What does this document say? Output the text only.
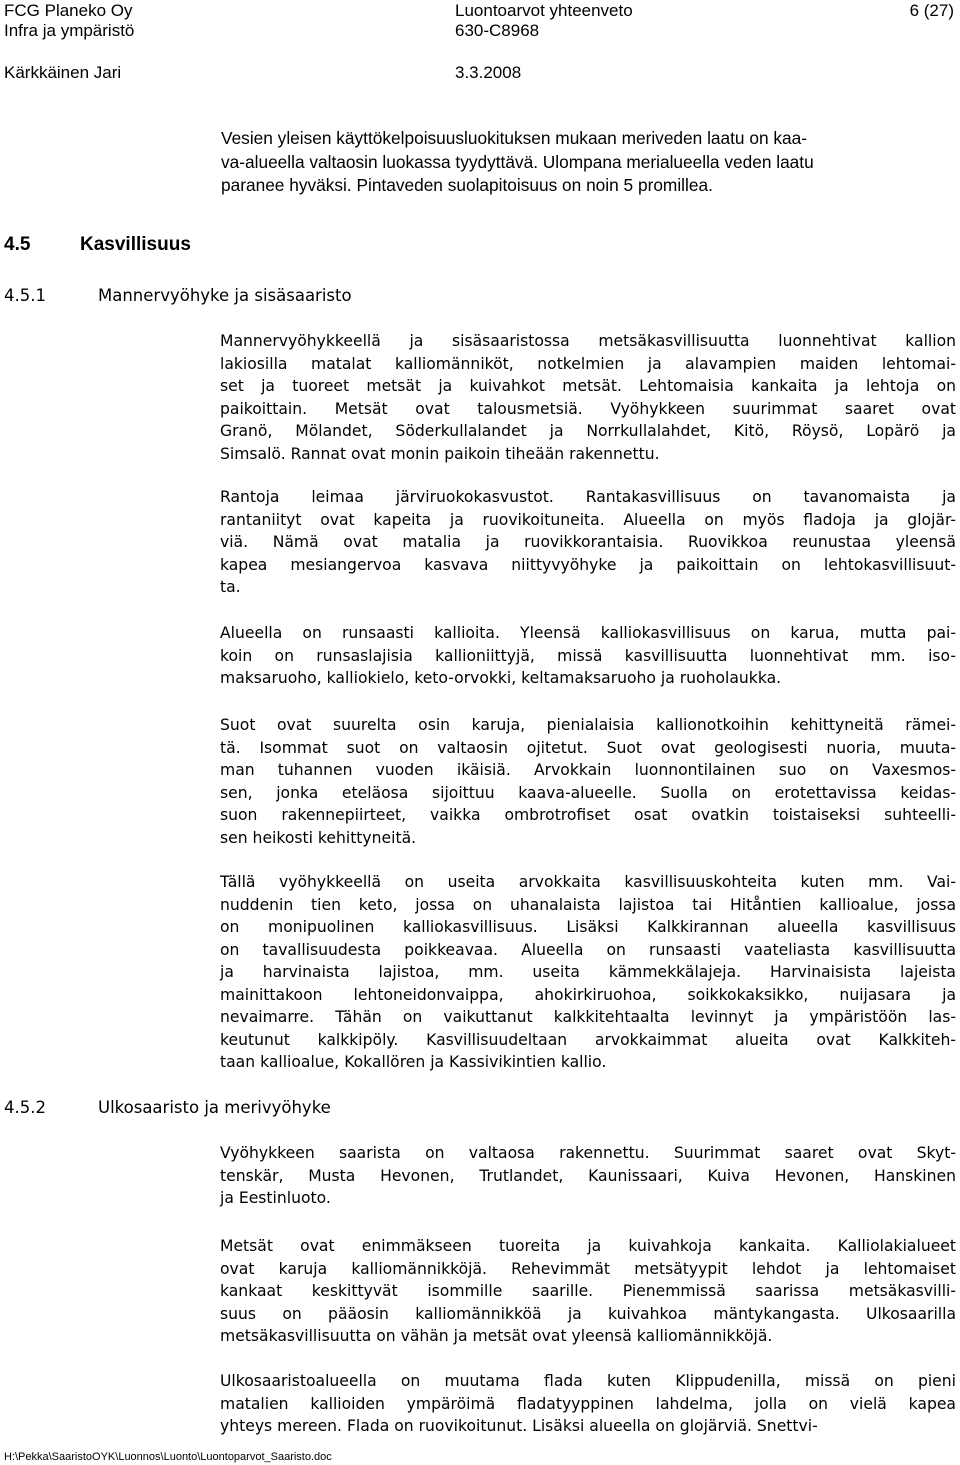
FCG Planeko Oy
Infra ja ympäristö
Luontoarvot yhteenveto
630-C8968
6 (27)
Kärkkäinen Jari	3.3.2008
Vesien yleisen käyttökelpoisuusluokituksen mukaan meriveden laatu on kaa-
va-alueella valtaosin luokassa tyydyttävä. Ulompana merialueella veden laatu
paranee hyväksi. Pintaveden suolapitoisuus on noin 5 promillea.
4.5	Kasvillisuus
4.5.1	Mannervyöhyke ja sisäsaaristo
4.5.2	Ulkosaaristo ja merivyöhyke
Mannervyöhykkeellä ja sisäsaaristossa metsäkasvillisuutta luonnehtivat kallion
lakiosilla matalat kalliomänniköt, notkelmien ja alavampien maiden lehtomai-
set ja tuoreet metsät ja kuivahkot metsät. Lehtomaisia kankaita ja lehtoja on
paikoittain. Metsät ovat talousmetsiä. Vyöhykkeen suurimmat saaret ovat
Granö, Mölandet, Söderkullalandet ja Norrkullalahdet, Kitö, Röysö, Lopärö ja
Simsalö. Rannat ovat monin paikoin tiheään rakennettu.
Rantoja leimaa järviruokokasvustot. Rantakasvillisuus on tavanomaista ja
rantaniityt ovat kapeita ja ruovikoituneita. Alueella on myös fladoja ja glojär-
viä. Nämä ovat matalia ja ruovikkorantaisia. Ruovikkoa reunustaa yleensä
kapea mesiangervoa kasvava niittyvyöhyke ja paikoittain on lehtokasvillisuut-
ta.
Alueella on runsaasti kallioita. Yleensä kalliokasvillisuus on karua, mutta pai-
koin on runsaslajisia kallioniittyjä, missä kasvillisuutta luonnehtivat mm. iso-
maksaruoho, kalliokielo, keto-orvokki, keltamaksaruoho ja ruoholaukka.
Suot ovat suurelta osin karuja, pienialaisia kallionotkoihin kehittyneitä rämei-
tä. Isommat suot on valtaosin ojitetut. Suot ovat geologisesti nuoria, muuta-
man tuhannen vuoden ikäisiä. Arvokkain luonnontilainen suo on Vaxesmos-
sen, jonka eteläosa sijoittuu kaava-alueelle. Suolla on erotettavissa keidas-
suon rakennepiirteet, vaikka ombrotrofiset osat ovatkin toistaiseksi suhteelli-
sen heikosti kehittyneitä.
Tällä vyöhykkeellä on useita arvokkaita kasvillisuuskohteita kuten mm. Vai-
nuddenin tien keto, jossa on uhanalaista lajistoa tai Hitåntien kallioalue, jossa
on monipuolinen kalliokasvillisuus. Lisäksi Kalkkirannan alueella kasvillisuus
on tavallisuudesta poikkeavaa. Alueella on runsaasti vaateliasta kasvillisuutta
ja harvinaista lajistoa, mm. useita kämmekkälajeja. Harvinaisista lajeista
mainittakoon lehtoneidonvaippa, ahokirkiruohoa, soikkokaksikko, nuijasara ja
nevaimarre. Tähän on vaikuttanut kalkkitehtaalta levinnyt ja ympäristöön las-
keutunut kalkkipöly. Kasvillisuudeltaan arvokkaimmat alueita ovat Kalkkiteh-
taan kallioalue, Kokallören ja Kassivikintien kallio.
Vyöhykkeen saarista on valtaosa rakennettu. Suurimmat saaret ovat Skyt-
tenskär, Musta Hevonen, Trutlandet, Kaunissaari, Kuiva Hevonen, Hanskinen
ja Eestinluoto.
Metsät ovat enimmäkseen tuoreita ja kuivahkoja kankaita. Kalliolakialueet
ovat karuja kalliomännikköjä. Rehevimmät metsätyypit lehdot ja lehtomaiset
kankaat keskittyvät isommille saarille. Pienemmissä saarissa metsäkasvilli-
suus on pääosin kalliomännikköä ja kuivahkoa mäntykangasta. Ulkosaarilla
metsäkasvillisuutta on vähän ja metsät ovat yleensä kalliomännikköjä.
Ulkosaaristoalueella on muutama flada kuten Klippudenilla, missä on pieni
matalien kallioiden ympäröimä fladatyyppinen lahdelma, jolla on vielä kapea
yhteys mereen. Flada on ruovikoitunut. Lisäksi alueella on glojärviä. Snettvi-
H:\Pekka\SaaristoOYK\Luonnos\Luonto\Luontoparvot_Saaristo.doc
